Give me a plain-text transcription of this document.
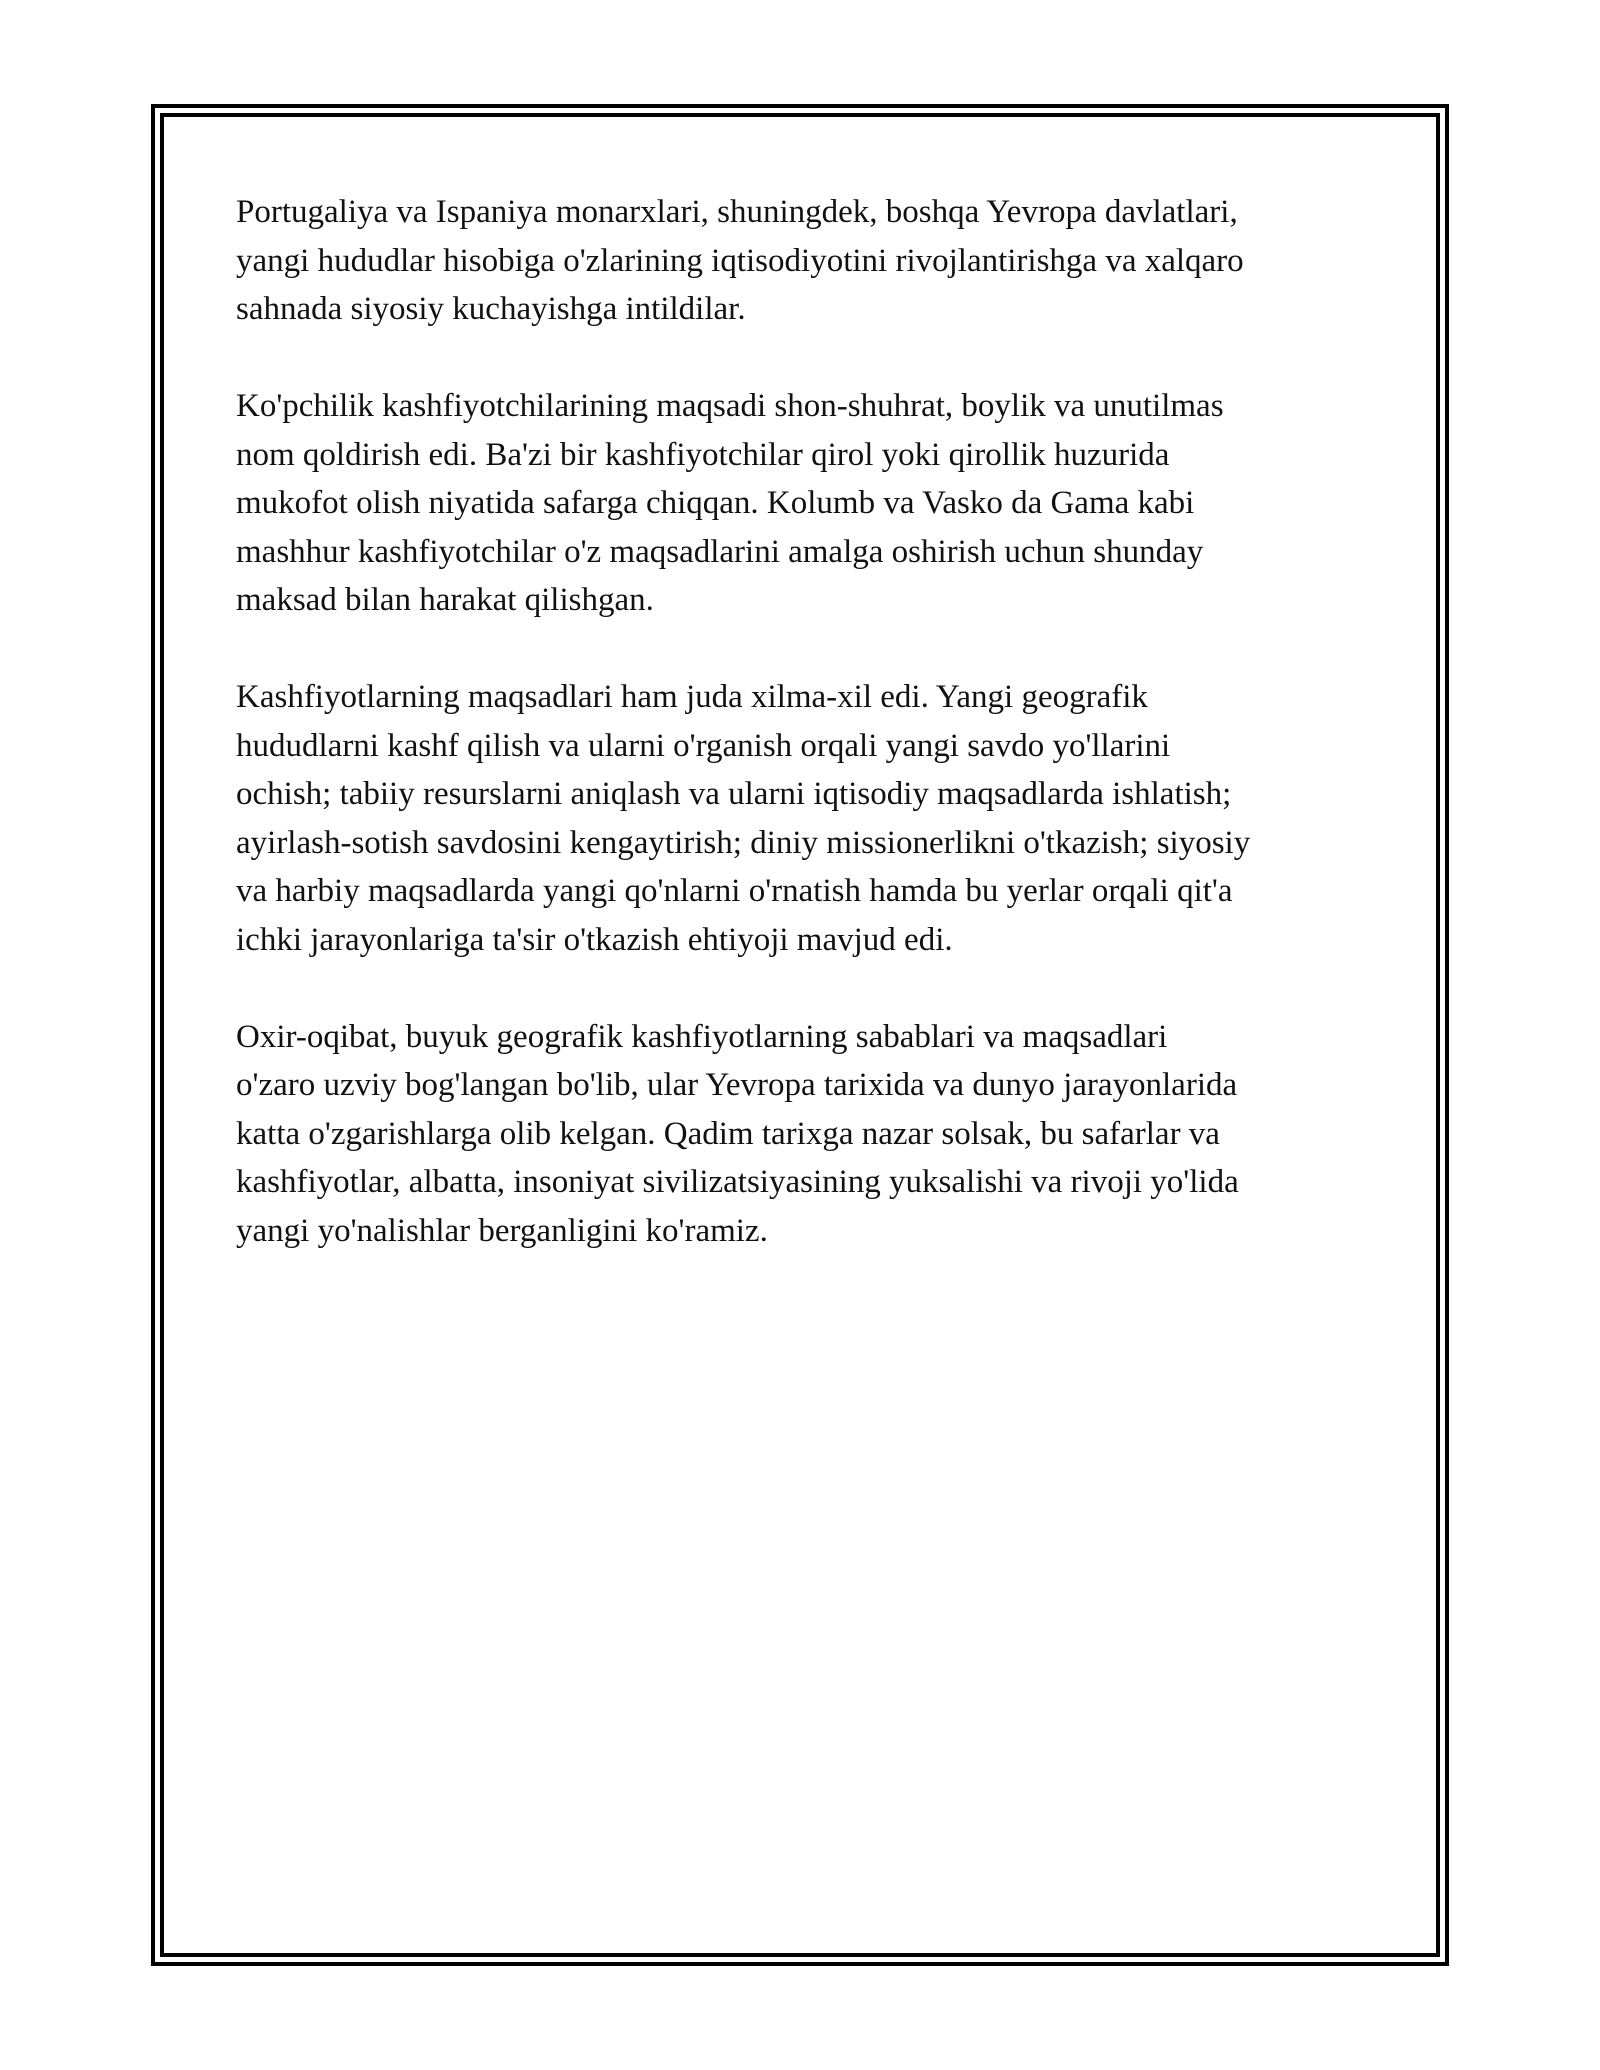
Portugaliya va Ispaniya monarxlari, shuningdek, boshqa Yevropa davlatlari,
yangi hududlar hisobiga o'zlarining iqtisodiyotini rivojlantirishga va xalqaro
sahnada siyosiy kuchayishga intildilar.

Ko'pchilik kashfiyotchilarining maqsadi shon-shuhrat, boylik va unutilmas
nom qoldirish edi. Ba'zi bir kashfiyotchilar qirol yoki qirollik huzurida
mukofot olish niyatida safarga chiqqan. Kolumb va Vasko da Gama kabi
mashhur kashfiyotchilar o'z maqsadlarini amalga oshirish uchun shunday
maksad bilan harakat qilishgan.

Kashfiyotlarning maqsadlari ham juda xilma-xil edi. Yangi geografik
hududlarni kashf qilish va ularni o'rganish orqali yangi savdo yo'llarini
ochish; tabiiy resurslarni aniqlash va ularni iqtisodiy maqsadlarda ishlatish;
ayirlash-sotish savdosini kengaytirish; diniy missionerlikni o'tkazish; siyosiy
va harbiy maqsadlarda yangi qo'nlarni o'rnatish hamda bu yerlar orqali qit'a
ichki jarayonlariga ta'sir o'tkazish ehtiyoji mavjud edi.

Oxir-oqibat, buyuk geografik kashfiyotlarning sabablari va maqsadlari
o'zaro uzviy bog'langan bo'lib, ular Yevropa tarixida va dunyo jarayonlarida
katta o'zgarishlarga olib kelgan. Qadim tarixga nazar solsak, bu safarlar va
kashfiyotlar, albatta, insoniyat sivilizatsiyasining yuksalishi va rivoji yo'lida
yangi yo'nalishlar berganligini ko'ramiz.
